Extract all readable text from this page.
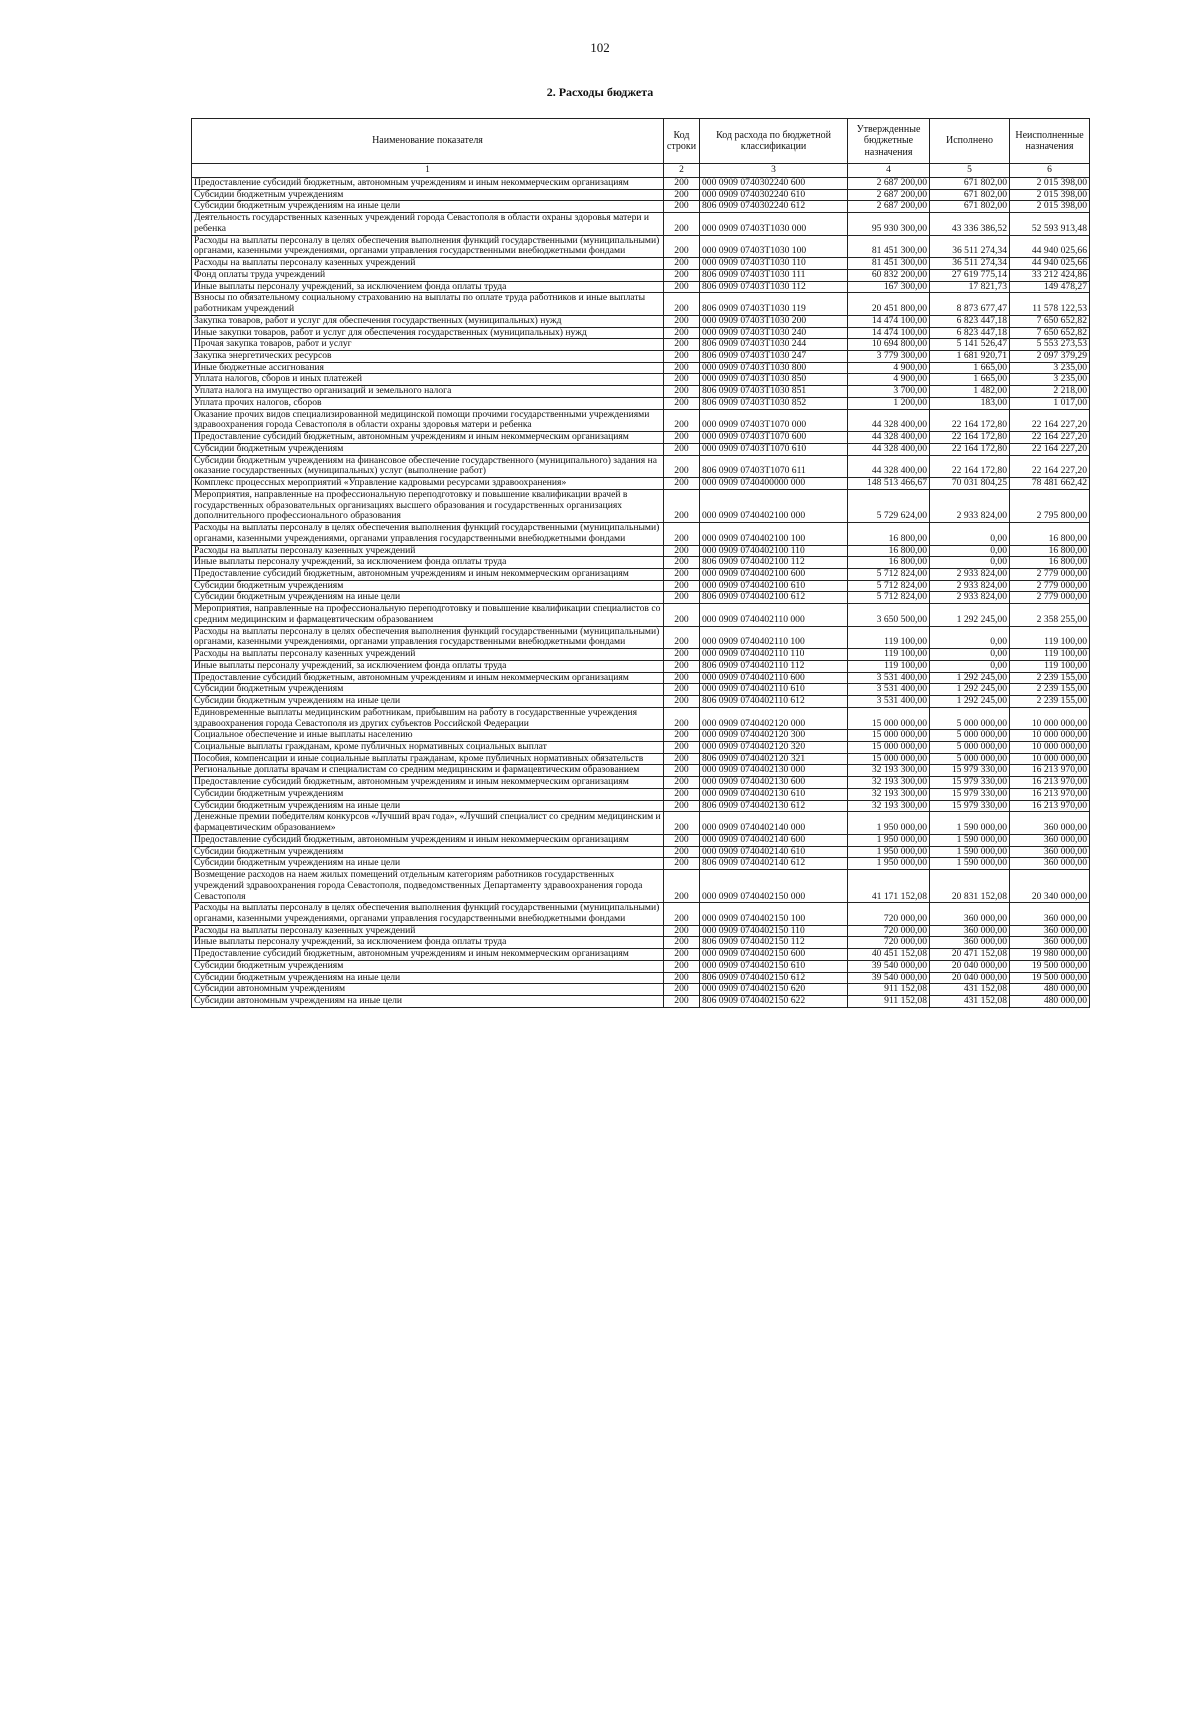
102
2. Расходы бюджета
Наименование показателя	Код строки	Код расхода по бюджетной классификации	Утвержденные бюджетные назначения	Исполнено	Неисполненные назначения
1	2	3	4	5	6
Предоставление субсидий бюджетным, автономным учреждениям и иным некоммерческим организациям	200	000 0909 0740302240 600	2 687 200,00	671 802,00	2 015 398,00
Субсидии бюджетным учреждениям	200	000 0909 0740302240 610	2 687 200,00	671 802,00	2 015 398,00
Субсидии бюджетным учреждениям на иные цели	200	806 0909 0740302240 612	2 687 200,00	671 802,00	2 015 398,00
Деятельность государственных казенных учреждений города Севастополя в области охраны здоровья матери и ребенка	200	000 0909 07403Т1030 000	95 930 300,00	43 336 386,52	52 593 913,48
Расходы на выплаты персоналу в целях обеспечения выполнения функций государственными (муниципальными) органами, казенными учреждениями, органами управления государственными внебюджетными фондами	200	000 0909 07403Т1030 100	81 451 300,00	36 511 274,34	44 940 025,66
Расходы на выплаты персоналу казенных учреждений	200	000 0909 07403Т1030 110	81 451 300,00	36 511 274,34	44 940 025,66
Фонд оплаты труда учреждений	200	806 0909 07403Т1030 111	60 832 200,00	27 619 775,14	33 212 424,86
Иные выплаты персоналу учреждений, за исключением фонда оплаты труда	200	806 0909 07403Т1030 112	167 300,00	17 821,73	149 478,27
Взносы по обязательному социальному страхованию на выплаты по оплате труда работников и иные выплаты работникам учреждений	200	806 0909 07403Т1030 119	20 451 800,00	8 873 677,47	11 578 122,53
Закупка товаров, работ и услуг для обеспечения государственных (муниципальных) нужд	200	000 0909 07403Т1030 200	14 474 100,00	6 823 447,18	7 650 652,82
Иные закупки товаров, работ и услуг для обеспечения государственных (муниципальных) нужд	200	000 0909 07403Т1030 240	14 474 100,00	6 823 447,18	7 650 652,82
Прочая закупка товаров, работ и услуг	200	806 0909 07403Т1030 244	10 694 800,00	5 141 526,47	5 553 273,53
Закупка энергетических ресурсов	200	806 0909 07403Т1030 247	3 779 300,00	1 681 920,71	2 097 379,29
Иные бюджетные ассигнования	200	000 0909 07403Т1030 800	4 900,00	1 665,00	3 235,00
Уплата налогов, сборов и иных платежей	200	000 0909 07403Т1030 850	4 900,00	1 665,00	3 235,00
Уплата налога на имущество организаций и земельного налога	200	806 0909 07403Т1030 851	3 700,00	1 482,00	2 218,00
Уплата прочих налогов, сборов	200	806 0909 07403Т1030 852	1 200,00	183,00	1 017,00
Оказание прочих видов специализированной медицинской помощи прочими государственными учреждениями здравоохранения города Севастополя в области охраны здоровья матери и ребенка	200	000 0909 07403Т1070 000	44 328 400,00	22 164 172,80	22 164 227,20
Предоставление субсидий бюджетным, автономным учреждениям и иным некоммерческим организациям	200	000 0909 07403Т1070 600	44 328 400,00	22 164 172,80	22 164 227,20
Субсидии бюджетным учреждениям	200	000 0909 07403Т1070 610	44 328 400,00	22 164 172,80	22 164 227,20
Субсидии бюджетным учреждениям на финансовое обеспечение государственного (муниципального) задания на оказание государственных (муниципальных) услуг (выполнение работ)	200	806 0909 07403Т1070 611	44 328 400,00	22 164 172,80	22 164 227,20
Комплекс процессных мероприятий «Управление кадровыми ресурсами здравоохранения»	200	000 0909 0740400000 000	148 513 466,67	70 031 804,25	78 481 662,42
Мероприятия, направленные на профессиональную переподготовку и повышение квалификации врачей в государственных образовательных организациях высшего образования и государственных организациях дополнительного профессионального образования	200	000 0909 0740402100 000	5 729 624,00	2 933 824,00	2 795 800,00
Расходы на выплаты персоналу в целях обеспечения выполнения функций государственными (муниципальными) органами, казенными учреждениями, органами управления государственными внебюджетными фондами	200	000 0909 0740402100 100	16 800,00	0,00	16 800,00
Расходы на выплаты персоналу казенных учреждений	200	000 0909 0740402100 110	16 800,00	0,00	16 800,00
Иные выплаты персоналу учреждений, за исключением фонда оплаты труда	200	806 0909 0740402100 112	16 800,00	0,00	16 800,00
Предоставление субсидий бюджетным, автономным учреждениям и иным некоммерческим организациям	200	000 0909 0740402100 600	5 712 824,00	2 933 824,00	2 779 000,00
Субсидии бюджетным учреждениям	200	000 0909 0740402100 610	5 712 824,00	2 933 824,00	2 779 000,00
Субсидии бюджетным учреждениям на иные цели	200	806 0909 0740402100 612	5 712 824,00	2 933 824,00	2 779 000,00
Мероприятия, направленные на профессиональную переподготовку и повышение квалификации специалистов со средним медицинским и фармацевтическим образованием	200	000 0909 0740402110 000	3 650 500,00	1 292 245,00	2 358 255,00
Расходы на выплаты персоналу в целях обеспечения выполнения функций государственными (муниципальными) органами, казенными учреждениями, органами управления государственными внебюджетными фондами	200	000 0909 0740402110 100	119 100,00	0,00	119 100,00
Расходы на выплаты персоналу казенных учреждений	200	000 0909 0740402110 110	119 100,00	0,00	119 100,00
Иные выплаты персоналу учреждений, за исключением фонда оплаты труда	200	806 0909 0740402110 112	119 100,00	0,00	119 100,00
Предоставление субсидий бюджетным, автономным учреждениям и иным некоммерческим организациям	200	000 0909 0740402110 600	3 531 400,00	1 292 245,00	2 239 155,00
Субсидии бюджетным учреждениям	200	000 0909 0740402110 610	3 531 400,00	1 292 245,00	2 239 155,00
Субсидии бюджетным учреждениям на иные цели	200	806 0909 0740402110 612	3 531 400,00	1 292 245,00	2 239 155,00
Единовременные выплаты медицинским работникам, прибывшим на работу в государственные учреждения здравоохранения города Севастополя из других субъектов Российской Федерации	200	000 0909 0740402120 000	15 000 000,00	5 000 000,00	10 000 000,00
Социальное обеспечение и иные выплаты населению	200	000 0909 0740402120 300	15 000 000,00	5 000 000,00	10 000 000,00
Социальные выплаты гражданам, кроме публичных нормативных социальных выплат	200	000 0909 0740402120 320	15 000 000,00	5 000 000,00	10 000 000,00
Пособия, компенсации и иные социальные выплаты гражданам, кроме публичных нормативных обязательств	200	806 0909 0740402120 321	15 000 000,00	5 000 000,00	10 000 000,00
Региональные доплаты врачам и специалистам со средним медицинским и фармацевтическим образованием	200	000 0909 0740402130 000	32 193 300,00	15 979 330,00	16 213 970,00
Предоставление субсидий бюджетным, автономным учреждениям и иным некоммерческим организациям	200	000 0909 0740402130 600	32 193 300,00	15 979 330,00	16 213 970,00
Субсидии бюджетным учреждениям	200	000 0909 0740402130 610	32 193 300,00	15 979 330,00	16 213 970,00
Субсидии бюджетным учреждениям на иные цели	200	806 0909 0740402130 612	32 193 300,00	15 979 330,00	16 213 970,00
Денежные премии победителям конкурсов «Лучший врач года», «Лучший специалист со средним медицинским и фармацевтическим образованием»	200	000 0909 0740402140 000	1 950 000,00	1 590 000,00	360 000,00
Предоставление субсидий бюджетным, автономным учреждениям и иным некоммерческим организациям	200	000 0909 0740402140 600	1 950 000,00	1 590 000,00	360 000,00
Субсидии бюджетным учреждениям	200	000 0909 0740402140 610	1 950 000,00	1 590 000,00	360 000,00
Субсидии бюджетным учреждениям на иные цели	200	806 0909 0740402140 612	1 950 000,00	1 590 000,00	360 000,00
Возмещение расходов на наем жилых помещений отдельным категориям работников государственных учреждений здравоохранения города Севастополя, подведомственных Департаменту здравоохранения города Севастополя	200	000 0909 0740402150 000	41 171 152,08	20 831 152,08	20 340 000,00
Расходы на выплаты персоналу в целях обеспечения выполнения функций государственными (муниципальными) органами, казенными учреждениями, органами управления государственными внебюджетными фондами	200	000 0909 0740402150 100	720 000,00	360 000,00	360 000,00
Расходы на выплаты персоналу казенных учреждений	200	000 0909 0740402150 110	720 000,00	360 000,00	360 000,00
Иные выплаты персоналу учреждений, за исключением фонда оплаты труда	200	806 0909 0740402150 112	720 000,00	360 000,00	360 000,00
Предоставление субсидий бюджетным, автономным учреждениям и иным некоммерческим организациям	200	000 0909 0740402150 600	40 451 152,08	20 471 152,08	19 980 000,00
Субсидии бюджетным учреждениям	200	000 0909 0740402150 610	39 540 000,00	20 040 000,00	19 500 000,00
Субсидии бюджетным учреждениям на иные цели	200	806 0909 0740402150 612	39 540 000,00	20 040 000,00	19 500 000,00
Субсидии автономным учреждениям	200	000 0909 0740402150 620	911 152,08	431 152,08	480 000,00
Субсидии автономным учреждениям на иные цели	200	806 0909 0740402150 622	911 152,08	431 152,08	480 000,00
